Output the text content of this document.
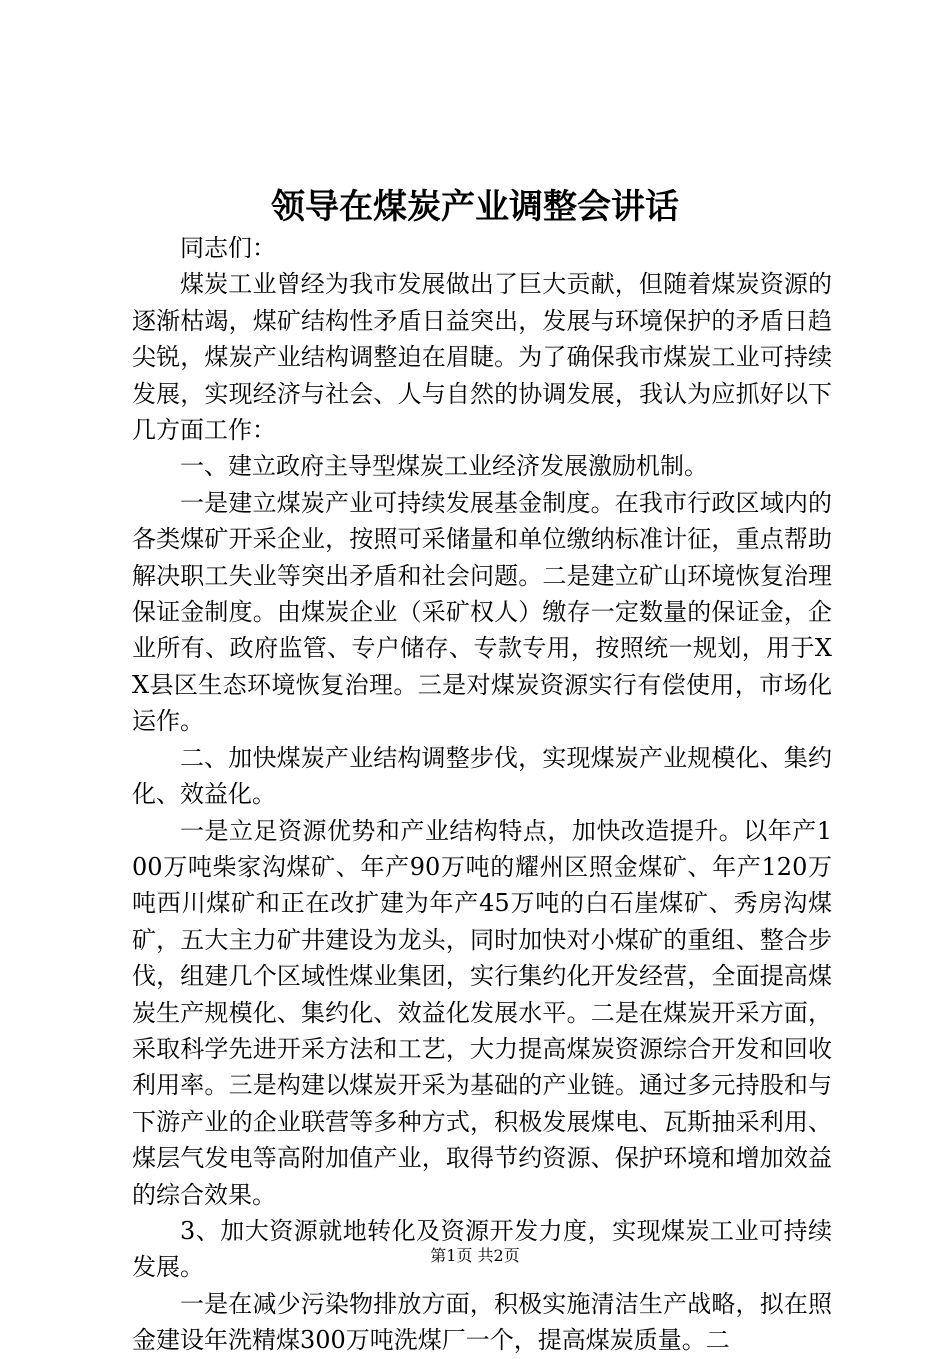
领导在煤炭产业调整会讲话

同志们：

煤炭工业曾经为我市发展做出了巨大贡献，但随着煤炭资源的逐渐枯竭，煤矿结构性矛盾日益突出，发展与环境保护的矛盾日趋尖锐，煤炭产业结构调整迫在眉睫。为了确保我市煤炭工业可持续发展，实现经济与社会、人与自然的协调发展，我认为应抓好以下几方面工作：

一、建立政府主导型煤炭工业经济发展激励机制。

一是建立煤炭产业可持续发展基金制度。在我市行政区域内的各类煤矿开采企业，按照可采储量和单位缴纳标准计征，重点帮助解决职工失业等突出矛盾和社会问题。二是建立矿山环境恢复治理保证金制度。由煤炭企业（采矿权人）缴存一定数量的保证金，企业所有、政府监管、专户储存、专款专用，按照统一规划，用于XX县区生态环境恢复治理。三是对煤炭资源实行有偿使用，市场化运作。

二、加快煤炭产业结构调整步伐，实现煤炭产业规模化、集约化、效益化。

一是立足资源优势和产业结构特点，加快改造提升。以年产100万吨柴家沟煤矿、年产90万吨的耀州区照金煤矿、年产120万吨西川煤矿和正在改扩建为年产45万吨的白石崖煤矿、秀房沟煤矿，五大主力矿井建设为龙头，同时加快对小煤矿的重组、整合步伐，组建几个区域性煤业集团，实行集约化开发经营，全面提高煤炭生产规模化、集约化、效益化发展水平。二是在煤炭开采方面，采取科学先进开采方法和工艺，大力提高煤炭资源综合开发和回收利用率。三是构建以煤炭开采为基础的产业链。通过多元持股和与下游产业的企业联营等多种方式，积极发展煤电、瓦斯抽采利用、煤层气发电等高附加值产业，取得节约资源、保护环境和增加效益的综合效果。

3、加大资源就地转化及资源开发力度，实现煤炭工业可持续发展。

一是在减少污染物排放方面，积极实施清洁生产战略，拟在照金建设年洗精煤300万吨洗煤厂一个，提高煤炭质量。二

第1页 共2页
